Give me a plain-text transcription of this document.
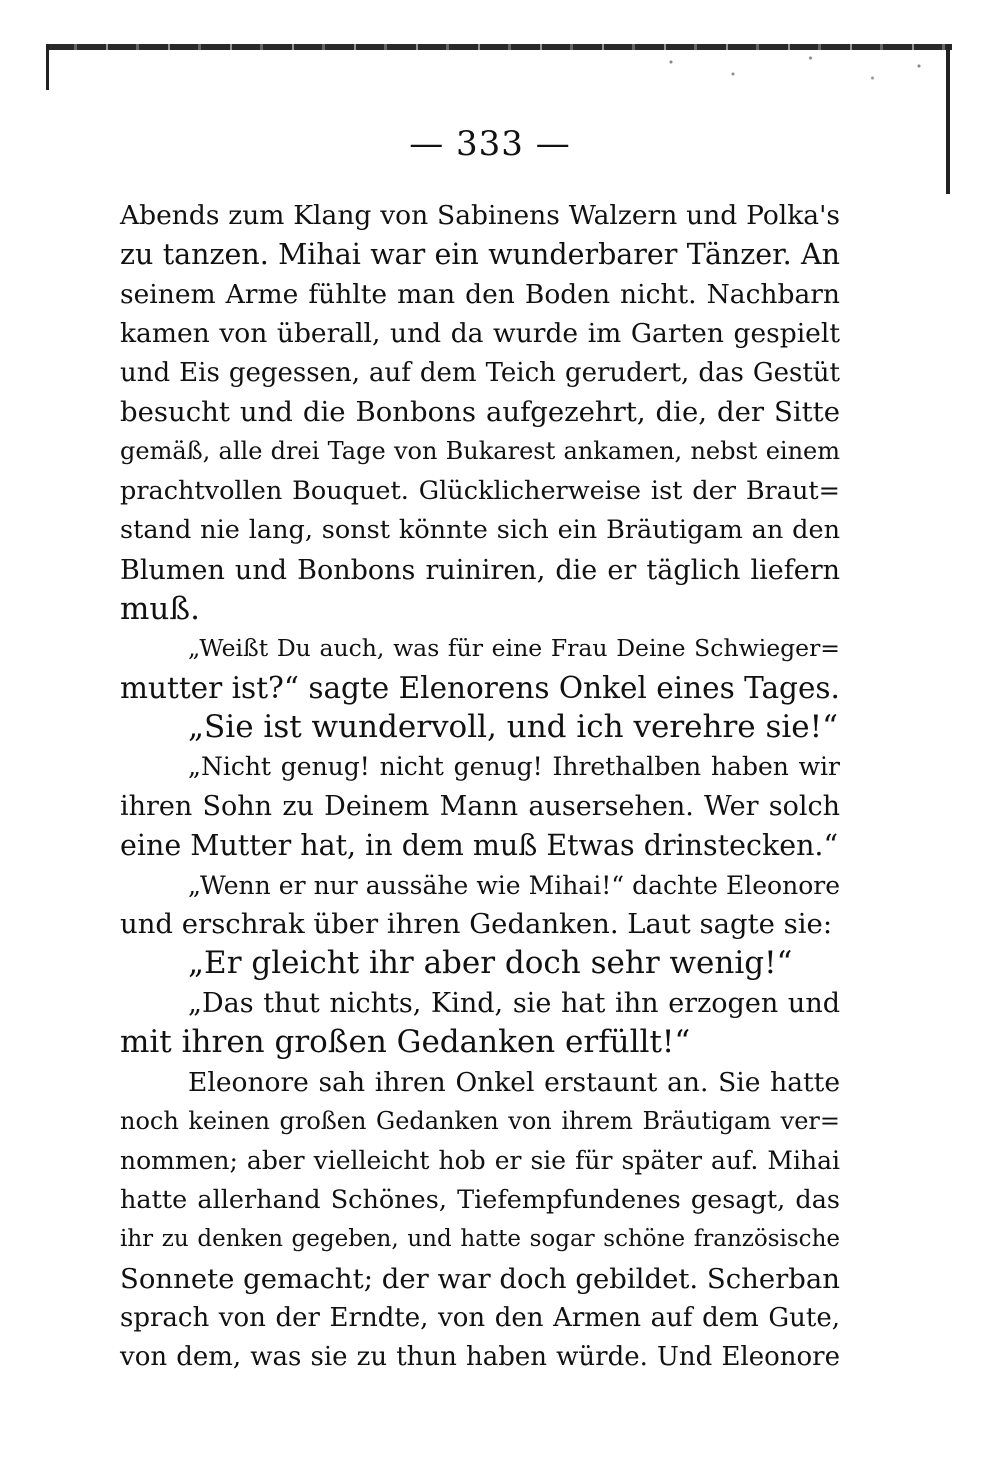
— 333 —
Abends zum Klang von Sabinens Walzern und Polka's
zu tanzen. Mihai war ein wunderbarer Tänzer. An
seinem Arme fühlte man den Boden nicht. Nachbarn
kamen von überall, und da wurde im Garten gespielt
und Eis gegessen, auf dem Teich gerudert, das Gestüt
besucht und die Bonbons aufgezehrt, die, der Sitte
gemäß, alle drei Tage von Bukarest ankamen, nebst einem
prachtvollen Bouquet. Glücklicherweise ist der Braut=
stand nie lang, sonst könnte sich ein Bräutigam an den
Blumen und Bonbons ruiniren, die er täglich liefern
muß.
„Weißt Du auch, was für eine Frau Deine Schwieger=
mutter ist?“ sagte Elenorens Onkel eines Tages.
„Sie ist wundervoll, und ich verehre sie!“
„Nicht genug! nicht genug! Ihrethalben haben wir
ihren Sohn zu Deinem Mann ausersehen. Wer solch
eine Mutter hat, in dem muß Etwas drinstecken.“
„Wenn er nur aussähe wie Mihai!“ dachte Eleonore
und erschrak über ihren Gedanken. Laut sagte sie:
„Er gleicht ihr aber doch sehr wenig!“
„Das thut nichts, Kind, sie hat ihn erzogen und
mit ihren großen Gedanken erfüllt!“
Eleonore sah ihren Onkel erstaunt an. Sie hatte
noch keinen großen Gedanken von ihrem Bräutigam ver=
nommen; aber vielleicht hob er sie für später auf. Mihai
hatte allerhand Schönes, Tiefempfundenes gesagt, das
ihr zu denken gegeben, und hatte sogar schöne französische
Sonnete gemacht; der war doch gebildet. Scherban
sprach von der Erndte, von den Armen auf dem Gute,
von dem, was sie zu thun haben würde. Und Eleonore
